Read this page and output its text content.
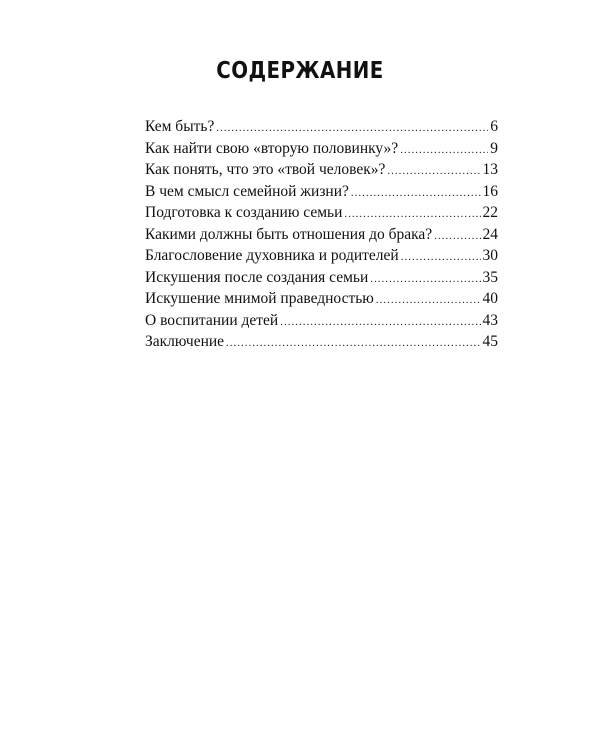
СОДЕРЖАНИЕ
Кем быть? .....	6
Как найти свою «вторую половинку»? .....	9
Как понять, что это «твой человек»? .....	13
В чем смысл семейной жизни? .....	16
Подготовка к созданию семьи .....	22
Какими должны быть отношения до брака? .....	24
Благословение духовника и родителей .....	30
Искушения после создания семьи .....	35
Искушение мнимой праведностью .....	40
О воспитании детей .....	43
Заключение .....	45
